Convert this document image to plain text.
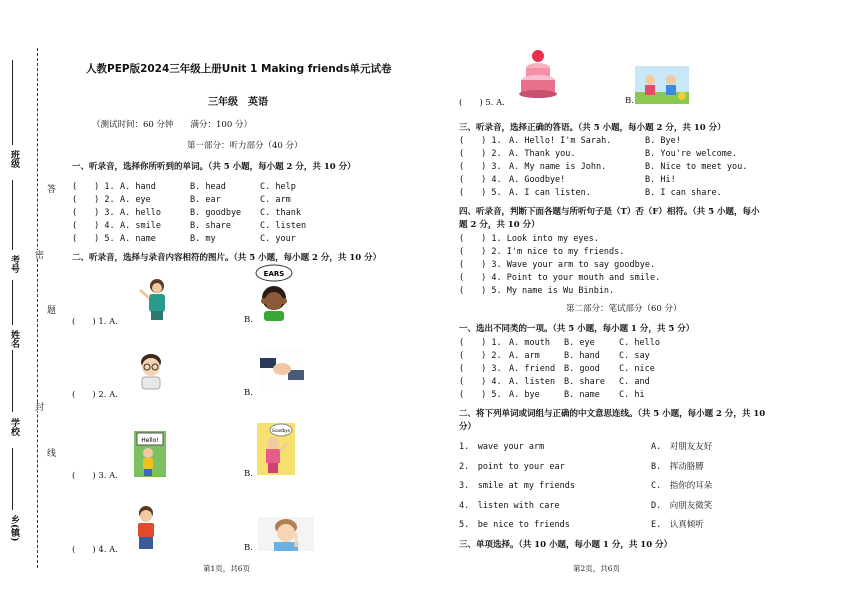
班级
考号
姓名
学校
乡(镇)
答
密
题
封
线
人教PEP版2024三年级上册Unit 1 Making friends单元试卷
三年级　英语
（测试时间：60 分钟　　满分：100 分）
第一部分：听力部分（40 分）
一、听录音，选择你所听到的单词。（共 5 小题，每小题 2 分，共 10 分）
(　　) 1. A. hand	B. head	C. help
(　　) 2. A. eye	B. ear	C. arm
(　　) 3. A. hello	B. goodbye C. thank
(　　) 4. A. smile	B. share	C. listen
(　　) 5. A. name	B. my	C. your
二、听录音，选择与录音内容相符的图片。（共 5 小题，每小题 2 分，共 10 分）
(　　) 1. A.	B.
(　　) 2. A.	B.
(　　) 3. A.	B.
(　　) 4. A.	B.
EARS
Hello!
Goodbye
第1页，共6页
(　　) 5. A.	B.
三、听录音，选择正确的答语。（共 5 小题，每小题 2 分，共 10 分）
(　　) 1. A. Hello! I'm Sarah.	B. Bye!
(　　) 2. A. Thank you.	B. You're welcome.
(　　) 3. A. My name is John.	B. Nice to meet you.
(　　) 4. A. Goodbye!	B. Hi!
(　　) 5. A. I can listen.	B. I can share.
四、听录音，判断下面各题与所听句子是（T）否（F）相符。（共 5 小题，每小
题 2 分，共 10 分）
(　　) 1. Look into my eyes.
(　　) 2. I'm nice to my friends.
(　　) 3. Wave your arm to say goodbye.
(　　) 4. Point to your mouth and smile.
(　　) 5. My name is Wu Binbin.
第二部分：笔试部分（60 分）
一、选出不同类的一项。（共 5 小题，每小题 1 分，共 5 分）
(　　) 1. A. mouth B. eye	C. hello
(　　) 2. A. arm	B. hand C. say
(　　) 3. A. friend B. good C. nice
(　　) 4. A. listen B. share C. and
(　　) 5. A. bye	B. name C. hi
二、将下列单词或词组与正确的中文意思连线。（共 5 小题，每小题 2 分，共 10
分）
1.　wave your arm	A.　对朋友友好
2.　point to your ear	B.　挥动胳膊
3.　smile at my friends	C.　指你的耳朵
4.　listen with care	D.　向朋友微笑
5.　be nice to friends	E.　认真倾听
三、单项选择。（共 10 小题，每小题 1 分，共 10 分）
第2页，共6页
